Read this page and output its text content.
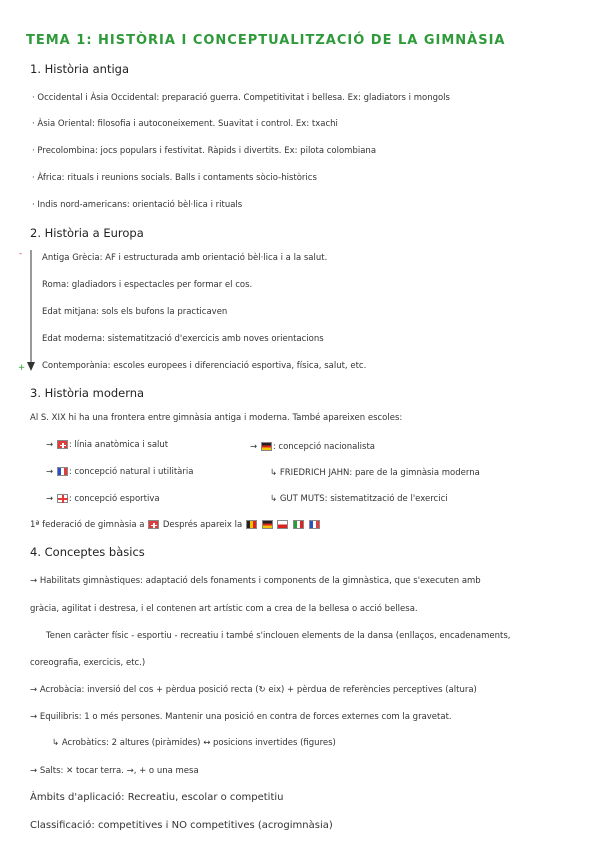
TEMA 1: HISTÒRIA I CONCEPTUALITZACIÓ DE LA GIMNÀSIA
1. Història antiga
· Occidental i Àsia Occidental: preparació guerra. Competitivitat i bellesa. Ex: gladiators i mongols
· Àsia Oriental: filosofia i autoconeixement. Suavitat i control. Ex: txachi
· Precolombina: jocs populars i festivitat. Ràpids i divertits. Ex: pilota colombiana
· Àfrica: rituals i reunions socials. Balls i contaments sòcio-històrics
· Indis nord-americans: orientació bèl·lica i rituals
2. Història a Europa
-
+
Antiga Grècia: AF i estructurada amb orientació bèl·lica i a la salut.
Roma: gladiadors i espectacles per formar el cos.
Edat mitjana: sols els bufons la practicaven
Edat moderna: sistematització d'exercicis amb noves orientacions
Contemporània: escoles europees i diferenciació esportiva, física, salut, etc.
3. Història moderna
Al S. XIX hi ha una frontera entre gimnàsia antiga i moderna. També apareixen escoles:
→ : línia anatòmica i salut
→ : concepció natural i utilitària
→ : concepció esportiva
→ : concepció nacionalista
↳ FRIEDRICH JAHN: pare de la gimnàsia moderna
↳ GUT MUTS: sistematització de l'exercici
1ª federació de gimnàsia a Després apareix la
4. Conceptes bàsics
→ Habilitats gimnàstiques: adaptació dels fonaments i components de la gimnàstica, que s'executen amb
gràcia, agilitat i destresa, i el contenen art artístic com a crea de la bellesa o acció bellesa.
Tenen caràcter físic - esportiu - recreatiu i també s'inclouen elements de la dansa (enllaços, encadenaments,
coreografia, exercicis, etc.)
→ Acrobàcia: inversió del cos + pèrdua posició recta (↻ eix) + pèrdua de referències perceptives (altura)
→ Equilibris: 1 o més persones. Mantenir una posició en contra de forces externes com la gravetat.
↳ Acrobàtics: 2 altures (piràmides) ↔ posicions invertides (figures)
→ Salts: ✕ tocar terra. →, + o una mesa
Àmbits d'aplicació: Recreatiu, escolar o competitiu
Classificació: competitives i NO competitives (acrogimnàsia)
